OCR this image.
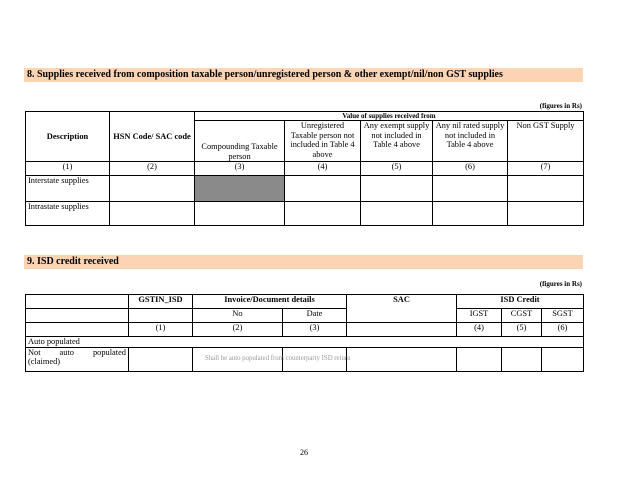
8. Supplies received from composition taxable person/unregistered person & other exempt/nil/non GST supplies
(figures in Rs)
Description	HSN Code/ SAC code	Value of supplies received from				
		Compounding Taxable person	Unregistered Taxable person not included in Table 4 above	Any exempt supply not included in Table 4 above	Any nil rated supply not included in Table 4 above	Non GST Supply
(1)	(2)	(3)	(4)	(5)	(6)	(7)
Interstate supplies						
Intrastate supplies						
9. ISD credit received
(figures in Rs)
	GSTIN_ISD	Invoice/Document details		SAC	ISD Credit		
		No	Date		IGST	CGST	SGST
	(1)	(2)	(3)		(4)	(5)	(6)
Auto populated							
Not auto populated (claimed)		Shall be auto populated from counterparty ISD return					
26
